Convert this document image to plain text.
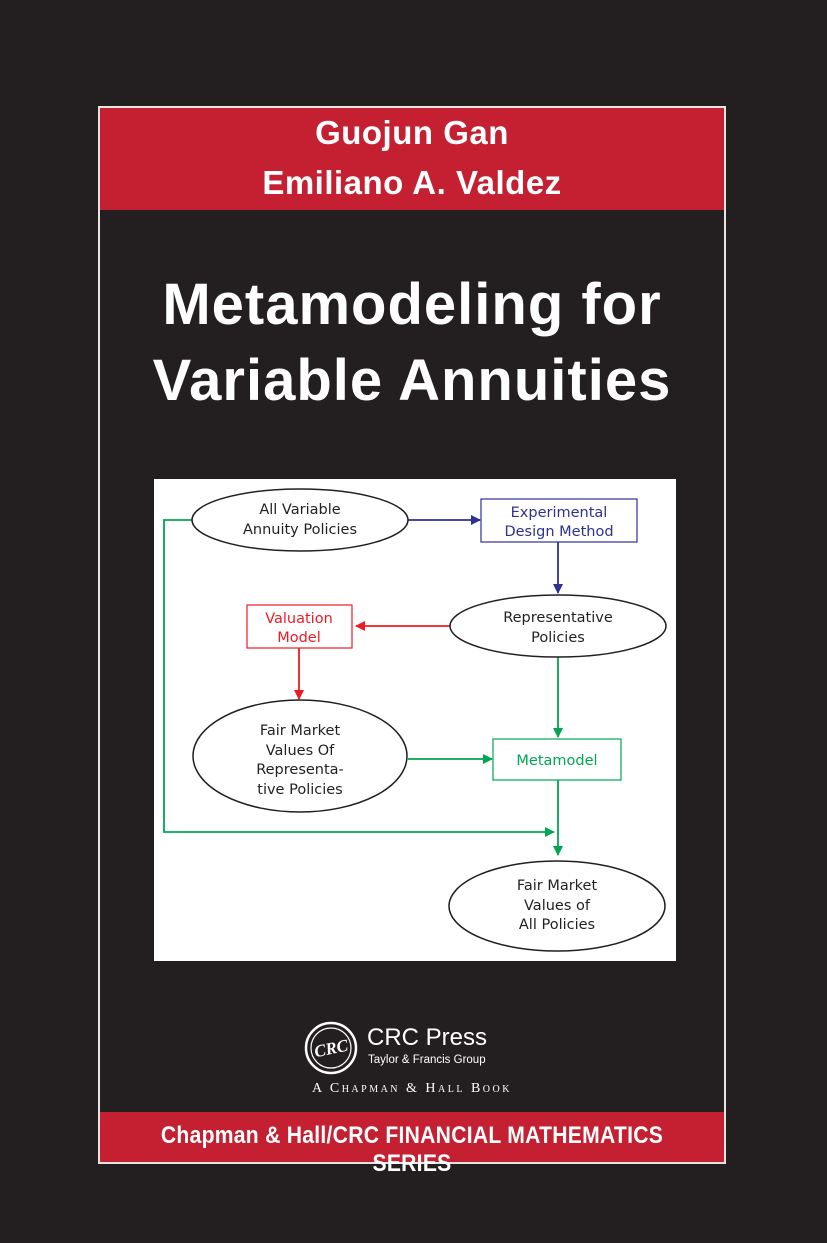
Guojun Gan
Emiliano A. Valdez
Metamodeling for
Variable Annuities
All Variable
Annuity Policies
Experimental
Design Method
Representative
Policies
Valuation
Model
Fair Market
Values Of
Representa-
tive Policies
Metamodel
Fair Market
Values of
All Policies
CRC CRC Press
Taylor & Francis Group
A Chapman & Hall Book
Chapman & Hall/CRC FINANCIAL MATHEMATICS SERIES
